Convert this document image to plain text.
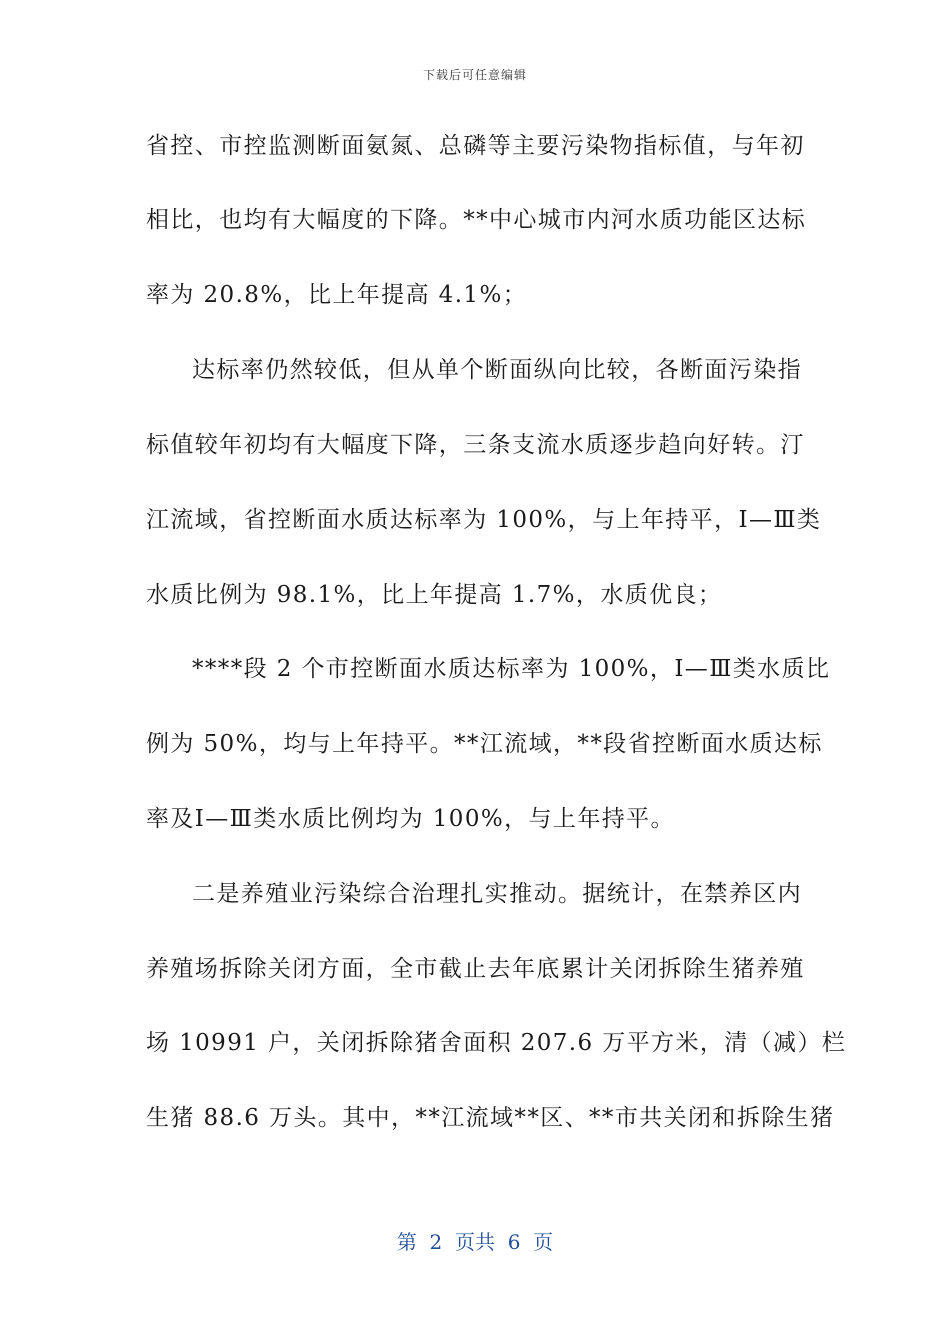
下载后可任意编辑
省控、市控监测断面氨氮、总磷等主要污染物指标值，与年初
相比，也均有大幅度的下降。**中心城市内河水质功能区达标
率为 20.8%，比上年提高 4.1%；
达标率仍然较低，但从单个断面纵向比较，各断面污染指
标值较年初均有大幅度下降，三条支流水质逐步趋向好转。汀
江流域，省控断面水质达标率为 100%，与上年持平，Ⅰ—Ⅲ类
水质比例为 98.1%，比上年提高 1.7%，水质优良；
****段 2 个市控断面水质达标率为 100%，Ⅰ—Ⅲ类水质比
例为 50%，均与上年持平。**江流域，**段省控断面水质达标
率及Ⅰ—Ⅲ类水质比例均为 100%，与上年持平。
二是养殖业污染综合治理扎实推动。据统计，在禁养区内
养殖场拆除关闭方面，全市截止去年底累计关闭拆除生猪养殖
场 10991 户，关闭拆除猪舍面积 207.6 万平方米，清（减）栏
生猪 88.6 万头。其中，**江流域**区、**市共关闭和拆除生猪
第  2  页共  6  页
